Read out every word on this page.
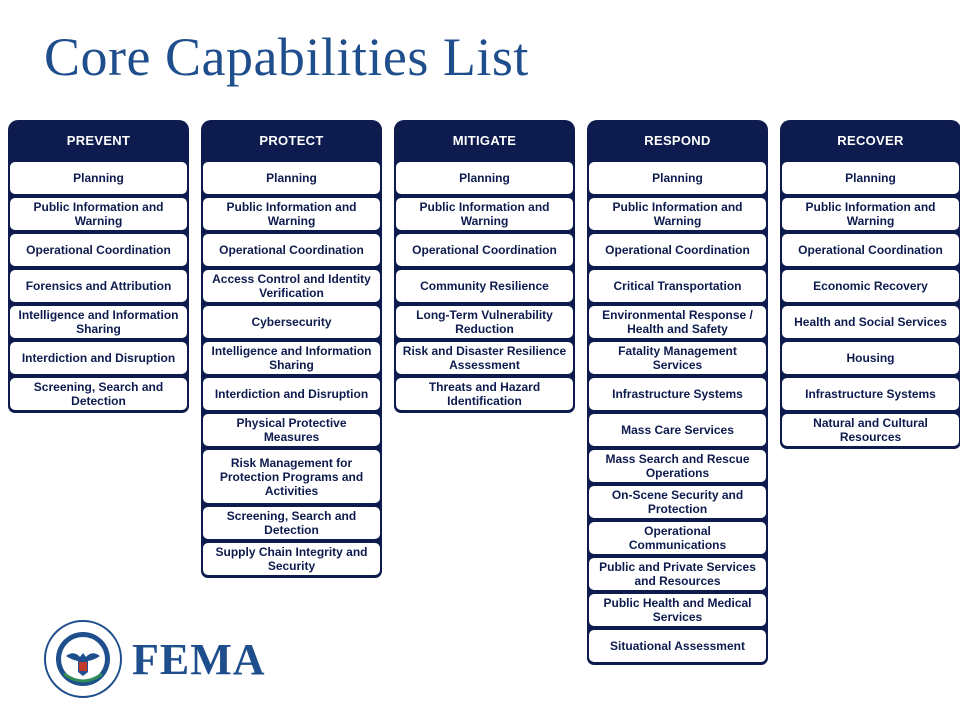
Core Capabilities List
PREVENT
Planning
Public Information and Warning
Operational Coordination
Forensics and Attribution
Intelligence and Information Sharing
Interdiction and Disruption
Screening, Search and Detection
PROTECT
Planning
Public Information and Warning
Operational Coordination
Access Control and Identity Verification
Cybersecurity
Intelligence and Information Sharing
Interdiction and Disruption
Physical Protective Measures
Risk Management for Protection Programs and Activities
Screening, Search and Detection
Supply Chain Integrity and Security
MITIGATE
Planning
Public Information and Warning
Operational Coordination
Community Resilience
Long-Term Vulnerability Reduction
Risk and Disaster Resilience Assessment
Threats and Hazard Identification
RESPOND
Planning
Public Information and Warning
Operational Coordination
Critical Transportation
Environmental Response / Health and Safety
Fatality Management Services
Infrastructure Systems
Mass Care Services
Mass Search and Rescue Operations
On-Scene Security and Protection
Operational Communications
Public and Private Services and Resources
Public Health and Medical Services
Situational Assessment
RECOVER
Planning
Public Information and Warning
Operational Coordination
Economic Recovery
Health and Social Services
Housing
Infrastructure Systems
Natural and Cultural Resources
FEMA
